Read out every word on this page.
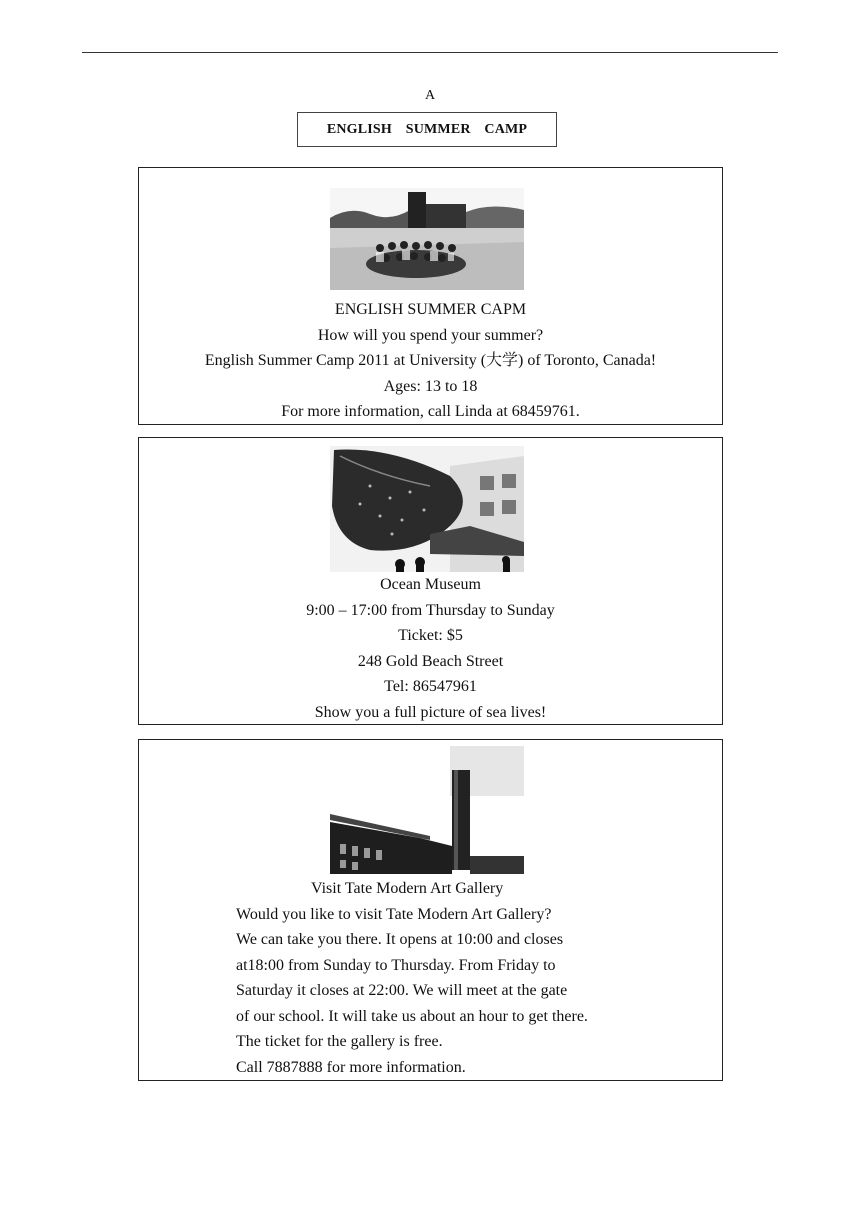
A
ENGLISH SUMMER CAMP
ENGLISH SUMMER CAPM
How will you spend your summer?
English Summer Camp 2011 at University (大学) of Toronto, Canada!
Ages: 13 to 18
For more information, call Linda at 68459761.
Ocean Museum
9:00 – 17:00 from Thursday to Sunday
Ticket: $5
248 Gold Beach Street
Tel: 86547961
Show you a full picture of sea lives!
Visit Tate Modern Art Gallery
Would you like to visit Tate Modern Art Gallery?
We can take you there. It opens at 10:00 and closes
at18:00 from Sunday to Thursday. From Friday to
Saturday it closes at 22:00. We will meet at the gate
of our school. It will take us about an hour to get there.
The ticket for the gallery is free.
Call 7887888 for more information.
